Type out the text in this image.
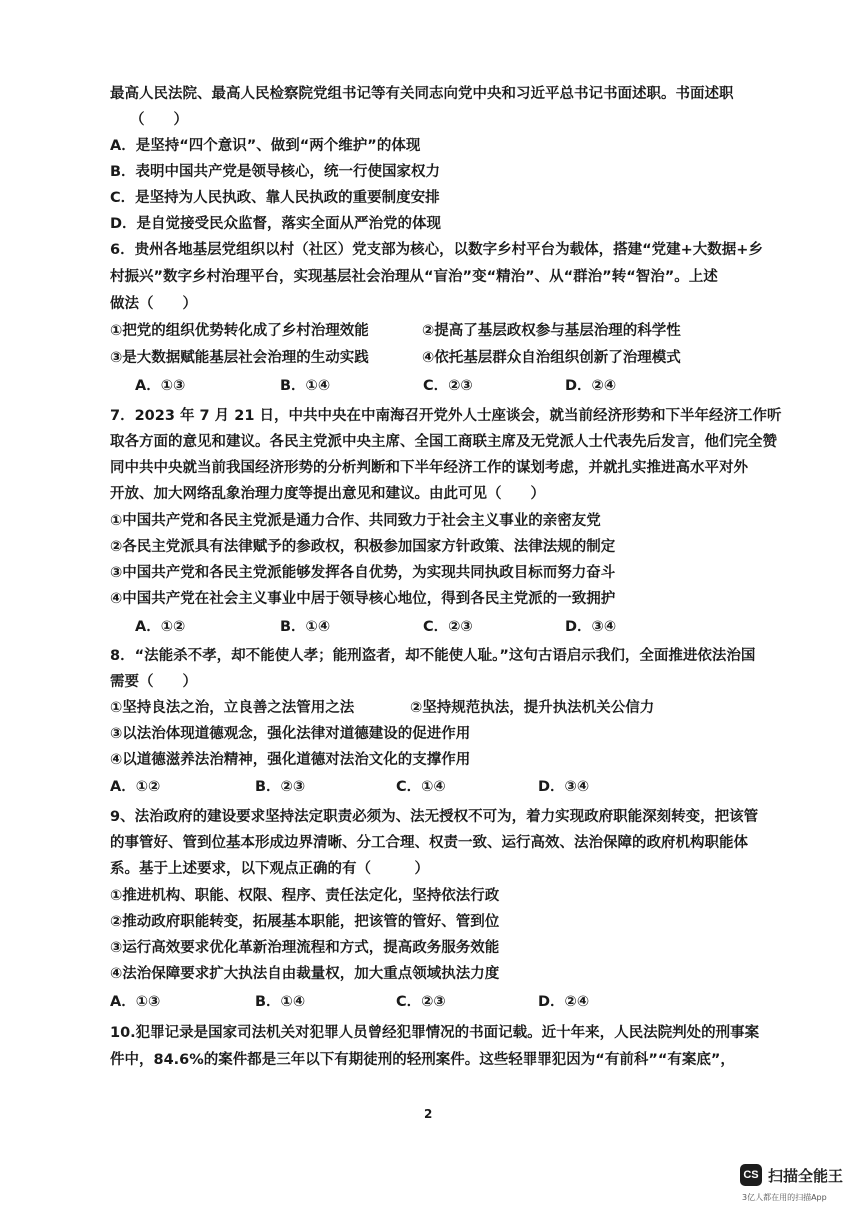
最高人民法院、最高人民检察院党组书记等有关同志向党中央和习近平总书记书面述职。书面述职
（　　）
A．是坚持“四个意识”、做到“两个维护”的体现
B．表明中国共产党是领导核心，统一行使国家权力
C．是坚持为人民执政、靠人民执政的重要制度安排
D．是自觉接受民众监督，落实全面从严治党的体现
6．贵州各地基层党组织以村（社区）党支部为核心，以数字乡村平台为载体，搭建“党建+大数据+乡
村振兴”数字乡村治理平台，实现基层社会治理从“盲治”变“精治”、从“群治”转“智治”。上述
做法（　　）
①把党的组织优势转化成了乡村治理效能	②提高了基层政权参与基层治理的科学性
③是大数据赋能基层社会治理的生动实践	④依托基层群众自治组织创新了治理模式
A．①③	B．①④	C．②③	D．②④
7．2023 年 7 月 21 日，中共中央在中南海召开党外人士座谈会，就当前经济形势和下半年经济工作听
取各方面的意见和建议。各民主党派中央主席、全国工商联主席及无党派人士代表先后发言，他们完全赞
同中共中央就当前我国经济形势的分析判断和下半年经济工作的谋划考虑，并就扎实推进高水平对外
开放、加大网络乱象治理力度等提出意见和建议。由此可见（　　）
①中国共产党和各民主党派是通力合作、共同致力于社会主义事业的亲密友党
②各民主党派具有法律赋予的参政权，积极参加国家方针政策、法律法规的制定
③中国共产党和各民主党派能够发挥各自优势，为实现共同执政目标而努力奋斗
④中国共产党在社会主义事业中居于领导核心地位，得到各民主党派的一致拥护
A．①②	B．①④	C．②③	D．③④
8．“法能杀不孝，却不能使人孝；能刑盗者，却不能使人耻。”这句古语启示我们，全面推进依法治国
需要（　　）
①坚持良法之治，立良善之法管用之法	②坚持规范执法，提升执法机关公信力
③以法治体现道德观念，强化法律对道德建设的促进作用
④以道德滋养法治精神，强化道德对法治文化的支撑作用
A．①②	B．②③	C．①④	D．③④
9、法治政府的建设要求坚持法定职责必须为、法无授权不可为，着力实现政府职能深刻转变，把该管
的事管好、管到位基本形成边界清晰、分工合理、权责一致、运行高效、法治保障的政府机构职能体
系。基于上述要求，以下观点正确的有（　　　）
①推进机构、职能、权限、程序、责任法定化，坚持依法行政
②推动政府职能转变，拓展基本职能，把该管的管好、管到位
③运行高效要求优化革新治理流程和方式，提高政务服务效能
④法治保障要求扩大执法自由裁量权，加大重点领域执法力度
A．①③	B．①④	C．②③	D．②④
10.犯罪记录是国家司法机关对犯罪人员曾经犯罪情况的书面记载。近十年来，人民法院判处的刑事案
件中，84.6%的案件都是三年以下有期徒刑的轻刑案件。这些轻罪罪犯因为“有前科”“有案底”，
2
CS 扫描全能王
3亿人都在用的扫描App
